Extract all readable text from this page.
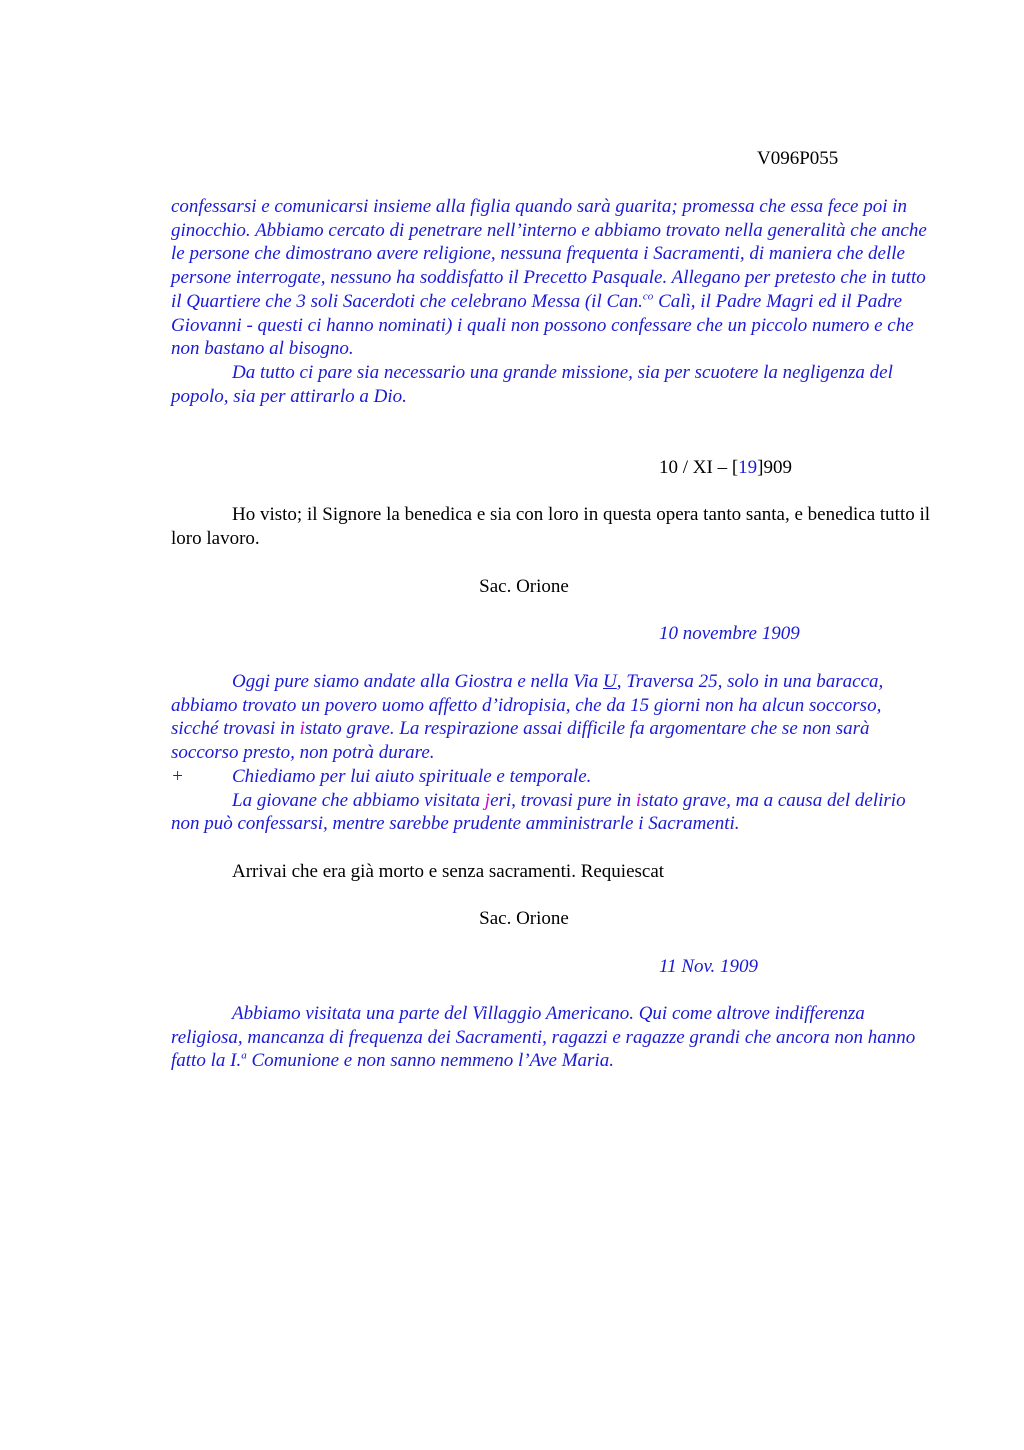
V096P055

confessarsi e comunicarsi insieme alla figlia quando sarà guarita; promessa che essa fece poi in ginocchio. Abbiamo cercato di penetrare nell’interno e abbiamo trovato nella generalità che anche le persone che dimostrano avere religione, nessuna frequenta i Sacramenti, di maniera che delle persone interrogate, nessuno ha soddisfatto il Precetto Pasquale. Allegano per pretesto che in tutto il Quartiere che 3 soli Sacerdoti che celebrano Messa (il Can.$^{co}$ Calì, il Padre Magri ed il Padre Giovanni - questi ci hanno nominati) i quali non possono confessare che un piccolo numero e che non bastano al bisogno.

Da tutto ci pare sia necessario una grande missione, sia per scuotere la negligenza del popolo, sia per attirarlo a Dio.

10 / XI – [19]909

Ho visto; il Signore la benedica e sia con loro in questa opera tanto santa, e benedica tutto il loro lavoro.

Sac. Orione
10 novembre 1909

Oggi pure siamo andate alla Giostra e nella Via U, Traversa 25, solo in una baracca, abbiamo trovato un povero uomo affetto d’idropisia, che da 15 giorni non ha alcun soccorso, sicché trovasi in istato grave. La respirazione assai difficile fa argomentare che se non sarà soccorso presto, non potrà durare.

+	Chiediamo per lui aiuto spirituale e temporale.

La giovane che abbiamo visitata jeri, trovasi pure in istato grave, ma a causa del delirio non può confessarsi, mentre sarebbe prudente amministrarle i Sacramenti.

Arrivai che era già morto e senza sacramenti. Requiescat

Sac. Orione
11 Nov. 1909

Abbiamo visitata una parte del Villaggio Americano. Qui come altrove indifferenza religiosa, mancanza di frequenza dei Sacramenti, ragazzi e ragazze grandi che ancora non hanno fatto la I.$^a$ Comunione e non sanno nemmeno l’Ave Maria.
